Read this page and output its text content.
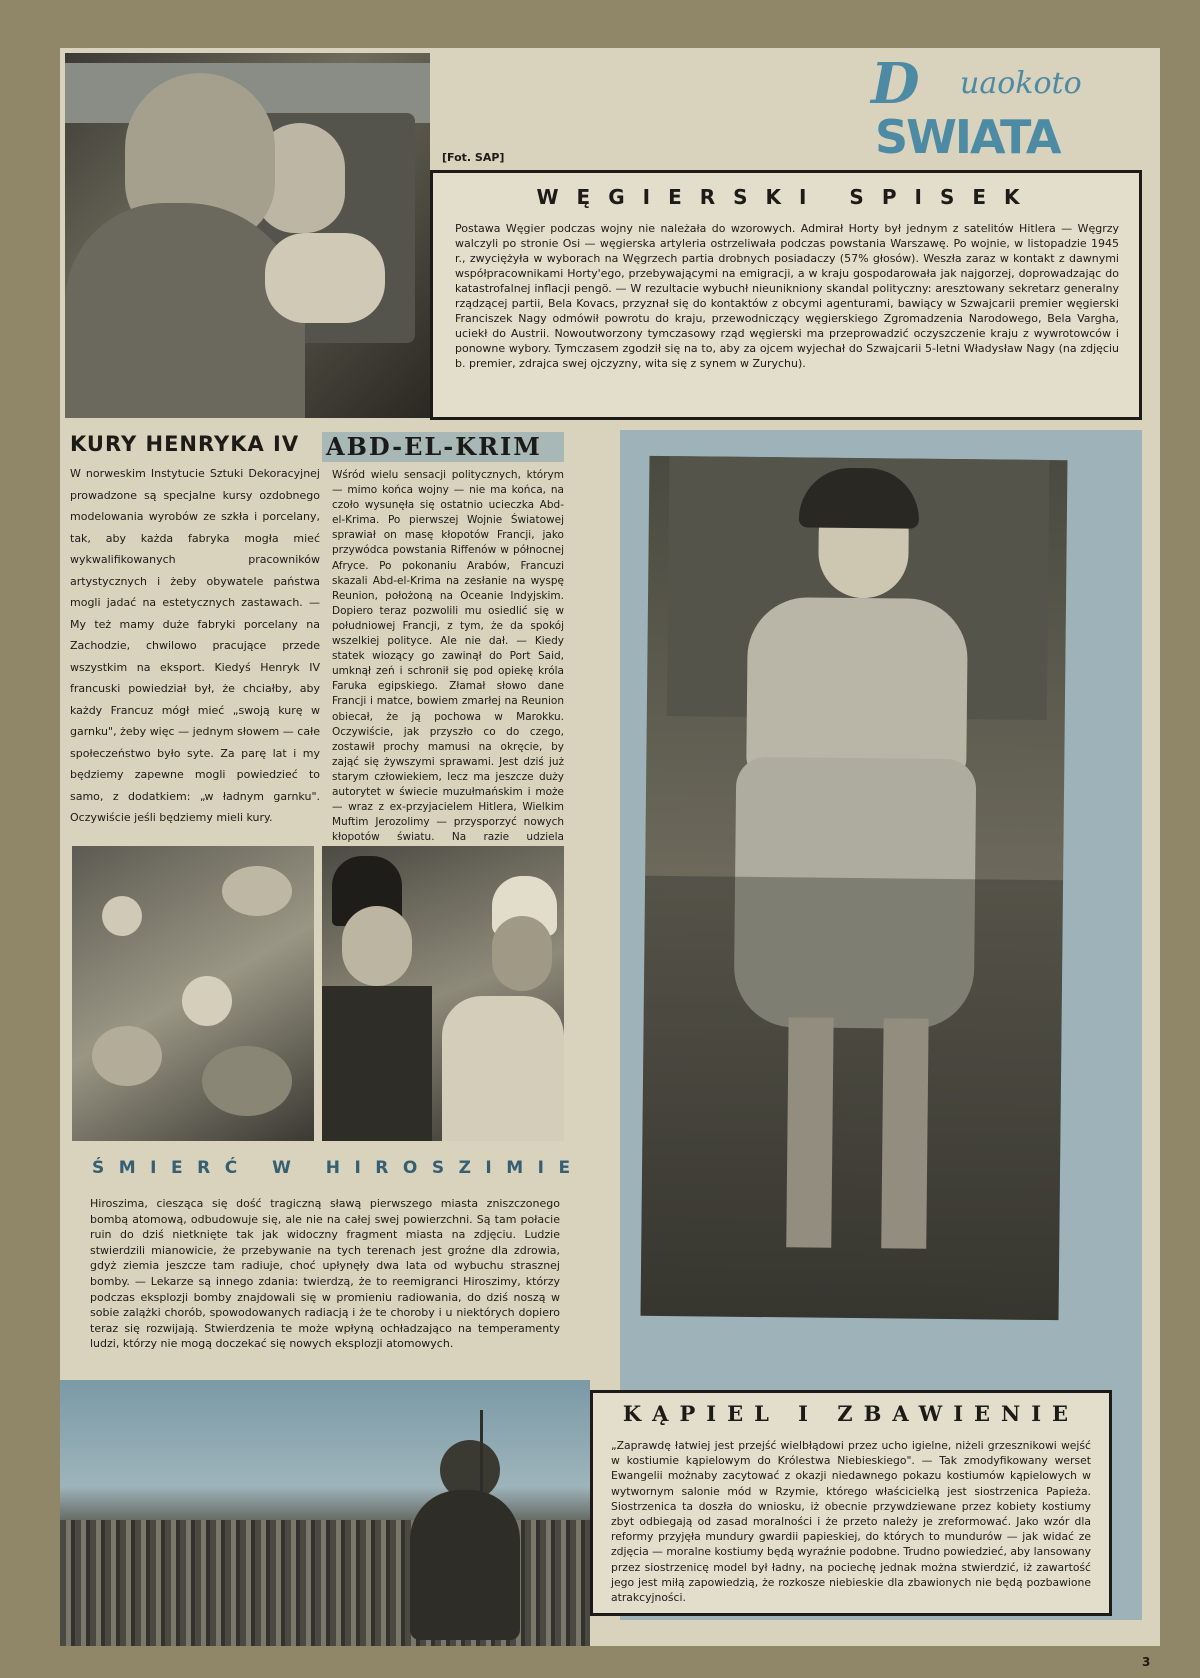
uaokoto
D
SWIATA
[Fot. SAP]
WĘGIERSKI SPISEK

Postawa Węgier podczas wojny nie należała do wzorowych. Admirał Horty był jednym z satelitów Hitlera — Węgrzy walczyli po stronie Osi — węgierska artyleria ostrzeliwała podczas powstania Warszawę. Po wojnie, w listopadzie 1945 r., zwyciężyła w wyborach na Węgrzech partia drobnych posiadaczy (57% głosów). Weszła zaraz w kontakt z dawnymi współpracownikami Horty'ego, przebywającymi na emigracji, a w kraju gospodarowała jak najgorzej, doprowadzając do katastrofalnej inflacji pengö. — W rezultacie wybuchł nieunikniony skandal polityczny: aresztowany sekretarz generalny rządzącej partii, Bela Kovacs, przyznał się do kontaktów z obcymi agenturami, bawiący w Szwajcarii premier węgierski Franciszek Nagy odmówił powrotu do kraju, przewodniczący węgierskiego Zgromadzenia Narodowego, Bela Vargha, uciekł do Austrii. Nowoutworzony tymczasowy rząd węgierski ma przeprowadzić oczyszczenie kraju z wywrotowców i ponowne wybory. Tymczasem zgodził się na to, aby za ojcem wyjechał do Szwajcarii 5-letni Władysław Nagy (na zdjęciu b. premier, zdrajca swej ojczyzny, wita się z synem w Zurychu).

KURY HENRYKA IV

W norweskim Instytucie Sztuki Dekoracyjnej prowadzone są specjalne kursy ozdobnego modelowania wyrobów ze szkła i porcelany, tak, aby każda fabryka mogła mieć wykwalifikowanych pracowników artystycznych i żeby obywatele państwa mogli jadać na estetycznych zastawach. — My też mamy duże fabryki porcelany na Zachodzie, chwilowo pracujące przede wszystkim na eksport. Kiedyś Henryk IV francuski powiedział był, że chciałby, aby każdy Francuz mógł mieć „swoją kurę w garnku", żeby więc — jednym słowem — całe społeczeństwo było syte. Za parę lat i my będziemy zapewne mogli powiedzieć to samo, z dodatkiem: „w ładnym garnku". Oczywiście jeśli będziemy mieli kury.

ABD-EL-KRIM

Wśród wielu sensacji politycznych, którym — mimo końca wojny — nie ma końca, na czoło wysunęła się ostatnio ucieczka Abd-el-Krima. Po pierwszej Wojnie Światowej sprawiał on masę kłopotów Francji, jako przywódca powstania Riffenów w północnej Afryce. Po pokonaniu Arabów, Francuzi skazali Abd-el-Krima na zesłanie na wyspę Reunion, położoną na Oceanie Indyjskim. Dopiero teraz pozwolili mu osiedlić się w południowej Francji, z tym, że da spokój wszelkiej polityce. Ale nie dał. — Kiedy statek wiozący go zawinął do Port Said, umknął zeń i schronił się pod opiekę króla Faruka egipskiego. Złamał słowo dane Francji i matce, bowiem zmarłej na Reunion obiecał, że ją pochowa w Marokku. Oczywiście, jak przyszło co do czego, zostawił prochy mamusi na okręcie, by zająć się żywszymi sprawami. Jest dziś już starym człowiekiem, lecz ma jeszcze duży autorytet w świecie muzułmańskim i może — wraz z ex-przyjacielem Hitlera, Wielkim Muftim Jerozolimy — przysporzyć nowych kłopotów światu. Na razie udziela

ŚMIERĆ W HIROSZIMIE

Hiroszima, ciesząca się dość tragiczną sławą pierwszego miasta zniszczonego bombą atomową, odbudowuje się, ale nie na całej swej powierzchni. Są tam połacie ruin do dziś nietknięte tak jak widoczny fragment miasta na zdjęciu. Ludzie stwierdzili mianowicie, że przebywanie na tych terenach jest groźne dla zdrowia, gdyż ziemia jeszcze tam radiuje, choć upłynęły dwa lata od wybuchu strasznej bomby. — Lekarze są innego zdania: twierdzą, że to reemigranci Hiroszimy, którzy podczas eksplozji bomby znajdowali się w promieniu radiowania, do dziś noszą w sobie zalążki chorób, spowodowanych radiacją i że te choroby i u niektórych dopiero teraz się rozwijają. Stwierdzenia te może wpłyną ochładzająco na temperamenty ludzi, którzy nie mogą doczekać się nowych eksplozji atomowych.

KĄPIEL I ZBAWIENIE

„Zaprawdę łatwiej jest przejść wielbłądowi przez ucho igielne, niżeli grzesznikowi wejść w kostiumie kąpielowym do Królestwa Niebieskiego". — Tak zmodyfikowany werset Ewangelii możnaby zacytować z okazji niedawnego pokazu kostiumów kąpielowych w wytwornym salonie mód w Rzymie, którego właścicielką jest siostrzenica Papieża. Siostrzenica ta doszła do wniosku, iż obecnie przywdziewane przez kobiety kostiumy zbyt odbiegają od zasad moralności i że przeto należy je zreformować. Jako wzór dla reformy przyjęła mundury gwardii papieskiej, do których to mundurów — jak widać ze zdjęcia — moralne kostiumy będą wyraźnie podobne. Trudno powiedzieć, aby lansowany przez siostrzenicę model był ładny, na pociechę jednak można stwierdzić, iż zawartość jego jest miłą zapowiedzią, że rozkosze niebieskie dla zbawionych nie będą pozbawione atrakcyjności.

3
